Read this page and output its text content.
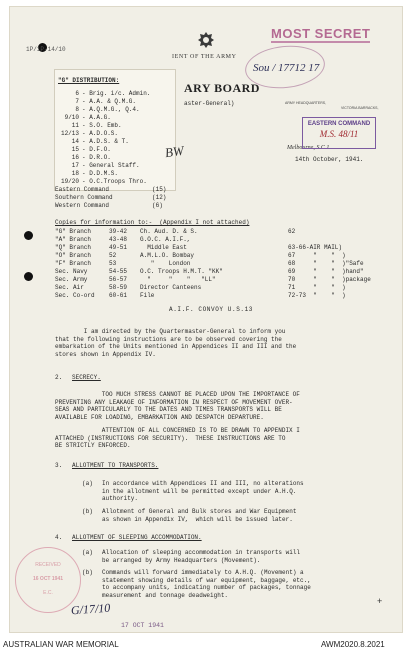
1P/1P-14/10
IENT OF THE ARMY
MOST SECRET
Sou / 17712 17
ARY BOARD
aster-General)	ARMY HEADQUARTERS,
VICTORIA BARRACKS,
Melbourne, S.C.1.
EASTERN COMMAND
M.S. 48/11
14th October, 1941.
"G" DISTRIBUTION:
6 - Brig. i/c. Admin.
7 - A.A. & Q.M.G.
8 - A.Q.M.G., Q.4.
9/10 - A.A.G.
11 - S.O. Emb.
12/13 - A.D.O.S.
14 - A.D.S. & T.
15 - D.F.O.
16 - D.R.O.
17 - General Staff.
18 - D.D.M.S.
19/20 - O.C.Troops Thro.
BW
Eastern Command	(15)
Southern Command	(12)
Western Command	(6)
Copies for information to:-  (Appendix I not attached)
"G" Branch	39-42 Ch. Aud. D. & S.	62
"A" Branch	43-48 G.O.C. A.I.F.,
"Q" Branch	49-51 Middle East	63-66-AIR MAIL)
"O" Branch	52	A.M.L.O. Bombay	67     "    "  )
"F" Branch	53	"    London	68     "    "  )"Safe
Sec. Navy	54-55 O.C. Troops H.M.T. "KK"	69     "    "  )hand"
Sec. Army	56-57 "     "    "   "LL"	70     "    "  )package
Sec. Air	58-59 Director Canteens	71     "    "  )
Sec. Co-ord 60-61 File	72-73  "    "  )
A.I.F. CONVOY U.S.13
I am directed by the Quartermaster-General to inform you
that the following instructions are to be observed covering the
embarkation of the Units mentioned in Appendices II and III and the
stores shown in Appendix IV.
2. SECRECY.
TOO MUCH STRESS CANNOT BE PLACED UPON THE IMPORTANCE OF
PREVENTING ANY LEAKAGE OF INFORMATION IN RESPECT OF MOVEMENT OVER-
SEAS AND PARTICULARLY TO THE DATES AND TIMES TRANSPORTS WILL BE
AVAILABLE FOR LOADING, EMBARKATION AND DESPATCH DEPARTURE.
ATTENTION OF ALL CONCERNED IS TO BE DRAWN TO APPENDIX I
ATTACHED (INSTRUCTIONS FOR SECURITY).  THESE INSTRUCTIONS ARE TO
BE STRICTLY ENFORCED.
3. ALLOTMENT TO TRANSPORTS.
(a) In accordance with Appendices II and III, no alterations
in the allotment will be permitted except under A.H.Q.
authority.
(b) Allotment of General and Bulk stores and War Equipment
as shown in Appendix IV,  which will be issued later.
4. ALLOTMENT OF SLEEPING ACCOMMODATION.
(a) Allocation of sleeping accommodation in transports will
be arranged by Army Headquarters (Movement).
(b) Commands will forward immediately to A.H.Q. (Movement) a
statement showing details of war equipment, baggage, etc.,
to accompany units, indicating number of packages, tonnage
measurement and tonnage deadweight.
+
RECEIVED
16 OCT 1941
E.C.
G/17/10
17 OCT 1941
AUSTRALIAN WAR MEMORIAL	AWM2020.8.2021
